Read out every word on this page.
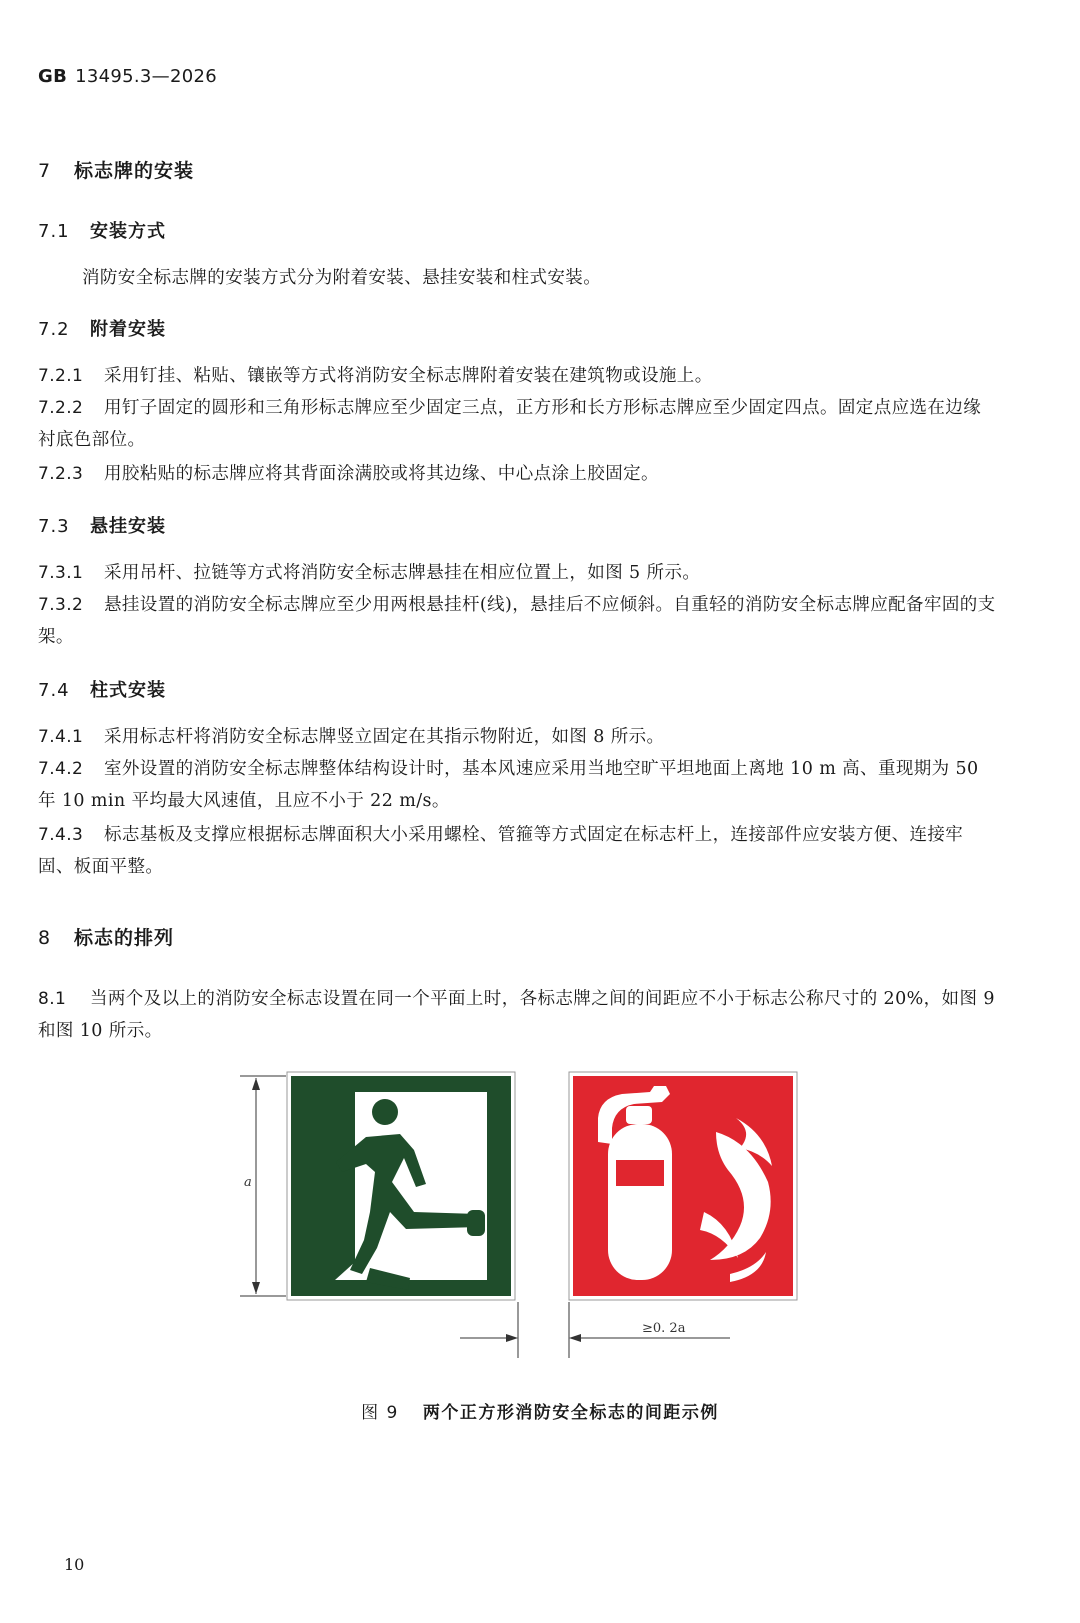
GB 13495.3—2026
7 标志牌的安装
7.1 安装方式
消防安全标志牌的安装方式分为附着安装、悬挂安装和柱式安装。
7.2 附着安装
7.2.1 采用钉挂、粘贴、镶嵌等方式将消防安全标志牌附着安装在建筑物或设施上。
7.2.2 用钉子固定的圆形和三角形标志牌应至少固定三点，正方形和长方形标志牌应至少固定四点。固定点应选在边缘衬底色部位。
7.2.3 用胶粘贴的标志牌应将其背面涂满胶或将其边缘、中心点涂上胶固定。
7.3 悬挂安装
7.3.1 采用吊杆、拉链等方式将消防安全标志牌悬挂在相应位置上，如图 5 所示。
7.3.2 悬挂设置的消防安全标志牌应至少用两根悬挂杆(线)，悬挂后不应倾斜。自重轻的消防安全标志牌应配备牢固的支架。
7.4 柱式安装
7.4.1 采用标志杆将消防安全标志牌竖立固定在其指示物附近，如图 8 所示。
7.4.2 室外设置的消防安全标志牌整体结构设计时，基本风速应采用当地空旷平坦地面上离地 10 m 高、重现期为 50 年 10 min 平均最大风速值，且应不小于 22 m/s。
7.4.3 标志基板及支撑应根据标志牌面积大小采用螺栓、管箍等方式固定在标志杆上，连接部件应安装方便、连接牢固、板面平整。
8 标志的排列
8.1 当两个及以上的消防安全标志设置在同一个平面上时，各标志牌之间的间距应不小于标志公称尺寸的 20%，如图 9 和图 10 所示。
a
≥0. 2a
图 9 两个正方形消防安全标志的间距示例
10
